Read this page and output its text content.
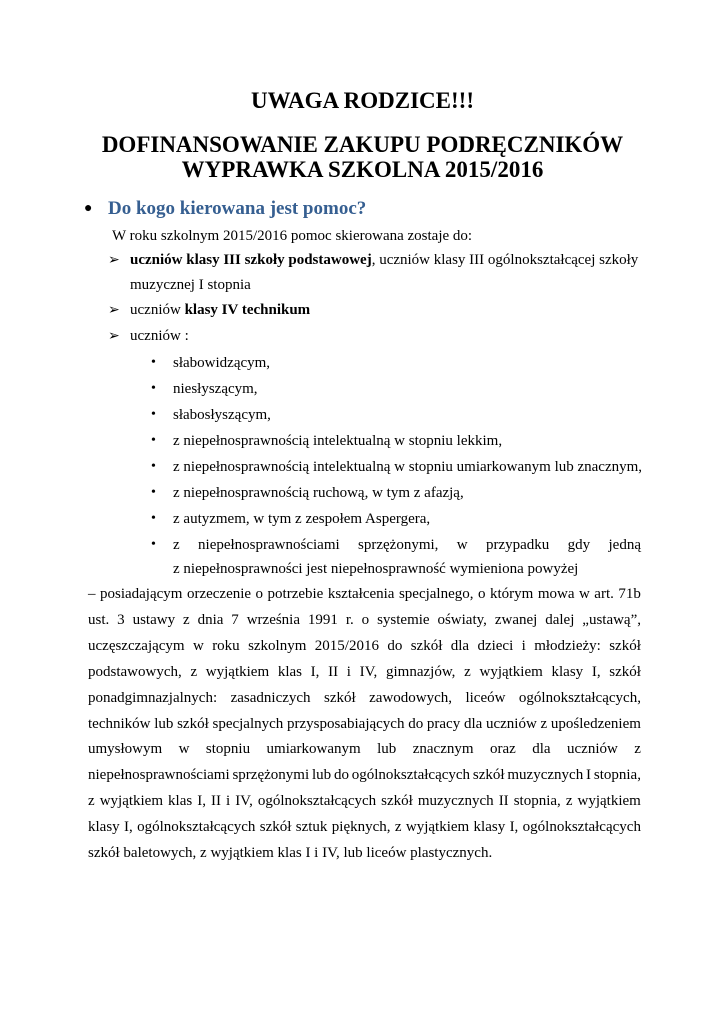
UWAGA RODZICE!!!
DOFINANSOWANIE ZAKUPU PODRĘCZNIKÓW
WYPRAWKA SZKOLNA 2015/2016
● Do kogo kierowana jest pomoc?
W roku szkolnym 2015/2016 pomoc skierowana zostaje do:
➢ uczniów klasy III szkoły podstawowej, uczniów klasy III ogólnokształcącej szkoły
muzycznej I stopnia
➢ uczniów klasy IV technikum
➢ uczniów :
• słabowidzącym,
• niesłyszącym,
• słabosłyszącym,
• z niepełnosprawnością intelektualną w stopniu lekkim,
• z niepełnosprawnością intelektualną w stopniu umiarkowanym lub znacznym,
• z niepełnosprawnością ruchową, w tym z afazją,
• z autyzmem, w tym z zespołem Aspergera,
• z niepełnosprawnościami sprzężonymi, w przypadku gdy jedną
z niepełnosprawności jest niepełnosprawność wymieniona powyżej
– posiadającym orzeczenie o potrzebie kształcenia specjalnego, o którym mowa w art. 71b
ust. 3 ustawy z dnia 7 września 1991 r. o systemie oświaty, zwanej dalej „ustawą”,
uczęszczającym w roku szkolnym 2015/2016 do szkół dla dzieci i młodzieży: szkół
podstawowych, z wyjątkiem klas I, II i IV, gimnazjów, z wyjątkiem klasy I, szkół
ponadgimnazjalnych: zasadniczych szkół zawodowych, liceów ogólnokształcących,
techników lub szkół specjalnych przysposabiających do pracy dla uczniów z upośledzeniem
umysłowym w stopniu umiarkowanym lub znacznym oraz dla uczniów z
niepełnosprawnościami sprzężonymi lub do ogólnokształcących szkół muzycznych I stopnia,
z wyjątkiem klas I, II i IV, ogólnokształcących szkół muzycznych II stopnia, z wyjątkiem
klasy I, ogólnokształcących szkół sztuk pięknych, z wyjątkiem klasy I, ogólnokształcących
szkół baletowych, z wyjątkiem klas I i IV, lub liceów plastycznych.
